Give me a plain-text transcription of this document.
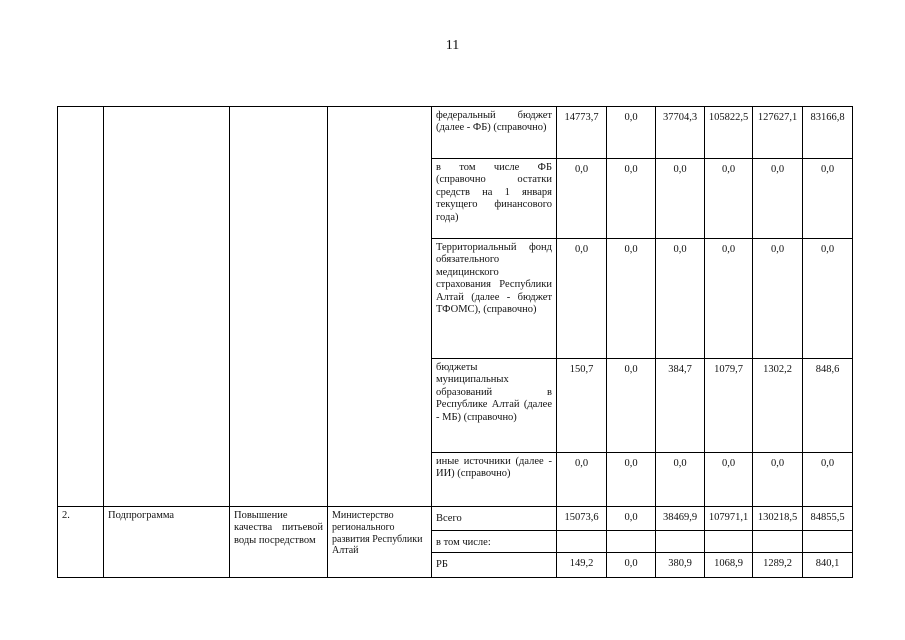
11
				федеральный бюджет (далее - ФБ) (справочно)	14773,7	0,0	37704,3	105822,5	127627,1	83166,8
				в том числе ФБ (справочно остатки средств на 1 января текущего финансового года)	0,0	0,0	0,0	0,0	0,0	0,0
				Территориальный фонд обязательного медицинского страхования Республики Алтай (далее - бюджет ТФОМС), (справочно)	0,0	0,0	0,0	0,0	0,0	0,0
				бюджеты муниципальных образований в Республике Алтай (далее - МБ) (справочно)	150,7	0,0	384,7	1079,7	1302,2	848,6
				иные источники (далее - ИИ) (справочно)	0,0	0,0	0,0	0,0	0,0	0,0
2.	Подпрограмма	Повышение качества питьевой воды посредством	Министерство регионального развития Республики Алтай	Всего	15073,6	0,0	38469,9	107971,1	130218,5	84855,5
				в том числе:						
				РБ	149,2	0,0	380,9	1068,9	1289,2	840,1
